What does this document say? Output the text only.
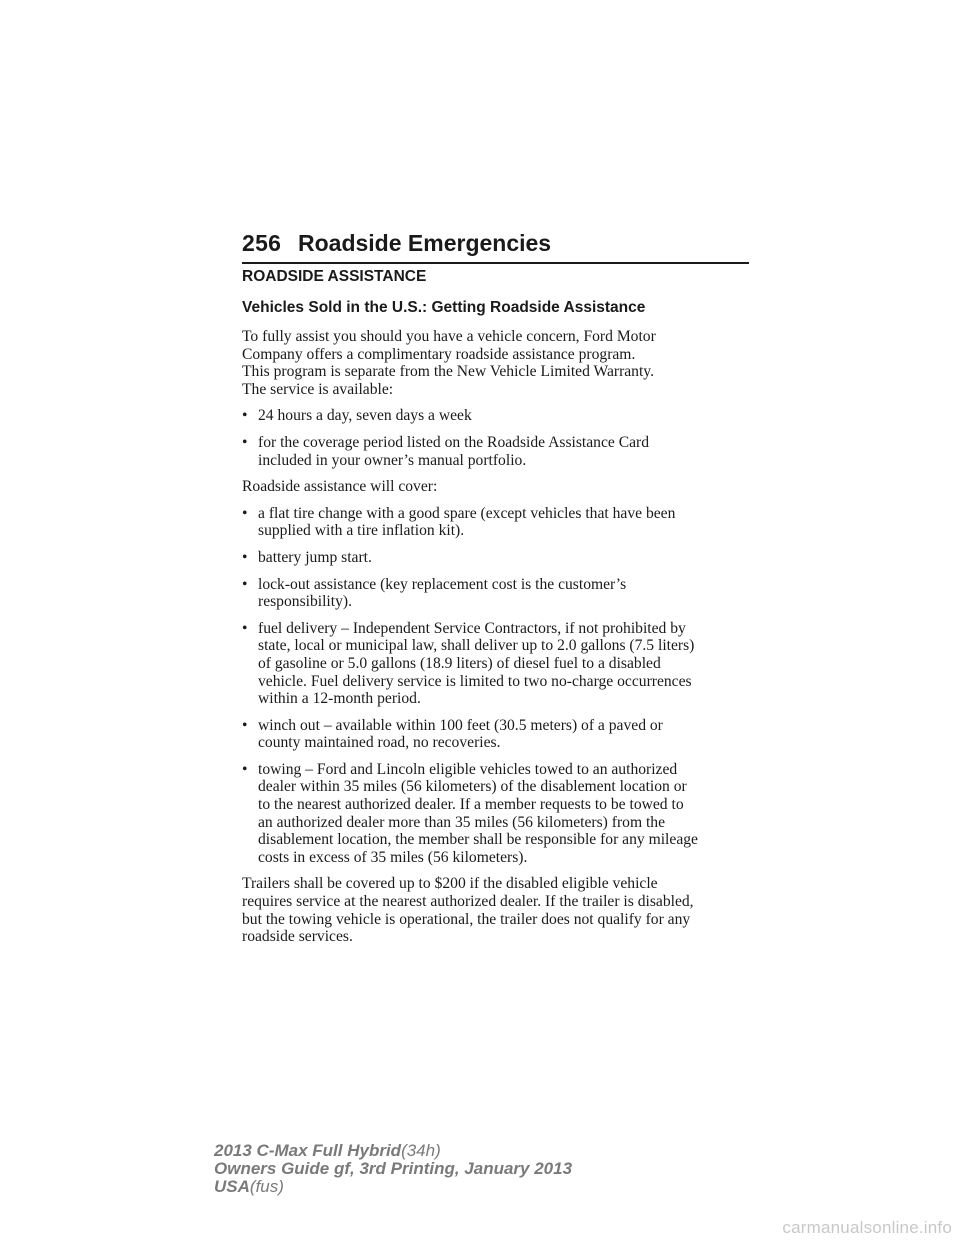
256 Roadside Emergencies
ROADSIDE ASSISTANCE
Vehicles Sold in the U.S.: Getting Roadside Assistance
To fully assist you should you have a vehicle concern, Ford Motor
Company offers a complimentary roadside assistance program.
This program is separate from the New Vehicle Limited Warranty.
The service is available:
• 24 hours a day, seven days a week
• for the coverage period listed on the Roadside Assistance Card
included in your owner’s manual portfolio.
Roadside assistance will cover:
• a flat tire change with a good spare (except vehicles that have been
supplied with a tire inflation kit).
• battery jump start.
• lock-out assistance (key replacement cost is the customer’s
responsibility).
• fuel delivery – Independent Service Contractors, if not prohibited by
state, local or municipal law, shall deliver up to 2.0 gallons (7.5 liters)
of gasoline or 5.0 gallons (18.9 liters) of diesel fuel to a disabled
vehicle. Fuel delivery service is limited to two no-charge occurrences
within a 12-month period.
• winch out – available within 100 feet (30.5 meters) of a paved or
county maintained road, no recoveries.
• towing – Ford and Lincoln eligible vehicles towed to an authorized
dealer within 35 miles (56 kilometers) of the disablement location or
to the nearest authorized dealer. If a member requests to be towed to
an authorized dealer more than 35 miles (56 kilometers) from the
disablement location, the member shall be responsible for any mileage
costs in excess of 35 miles (56 kilometers).
Trailers shall be covered up to $200 if the disabled eligible vehicle
requires service at the nearest authorized dealer. If the trailer is disabled,
but the towing vehicle is operational, the trailer does not qualify for any
roadside services.
2013 C-Max Full Hybrid(34h)
Owners Guide gf, 3rd Printing, January 2013
USA(fus)
carmanualsonline.info
